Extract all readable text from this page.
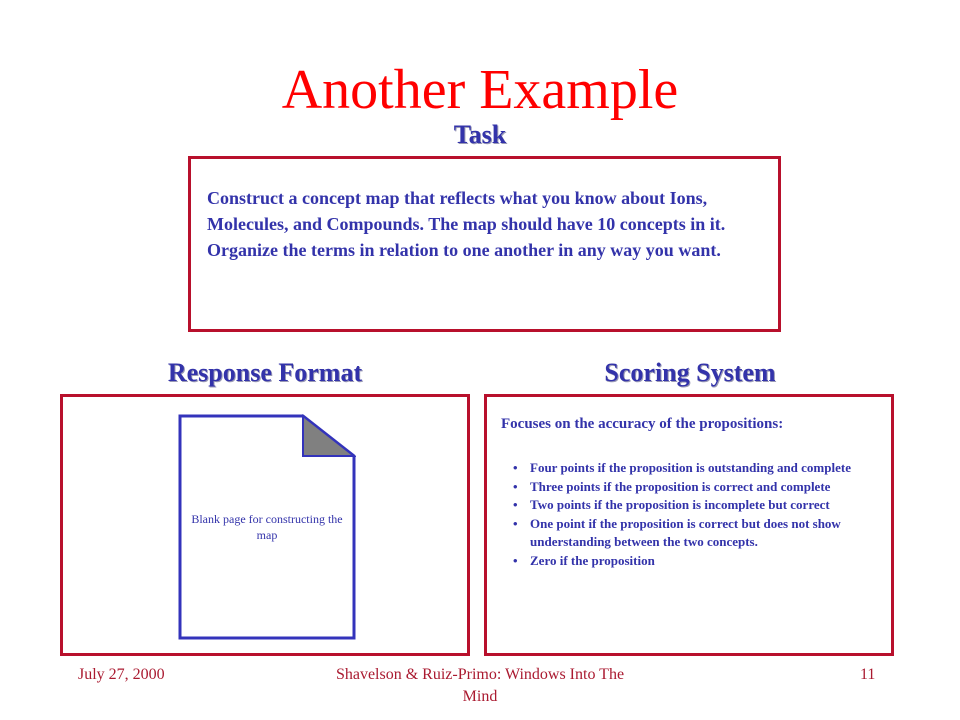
Another Example
Task
Construct a concept map that reflects what you know about Ions, Molecules, and Compounds. The map should have 10 concepts in it. Organize the terms in relation to one another in any way you want.
Response Format	Scoring System
Blank page for constructing the map
Focuses on the accuracy of the propositions:
• Four points if the proposition is outstanding and complete
• Three points if the proposition is correct and complete
• Two points if the proposition is incomplete but correct
• One point if the proposition is correct but does not show understanding between the two concepts.
• Zero if the proposition
July 27, 2000	Shavelson & Ruiz-Primo: Windows Into The Mind
11
